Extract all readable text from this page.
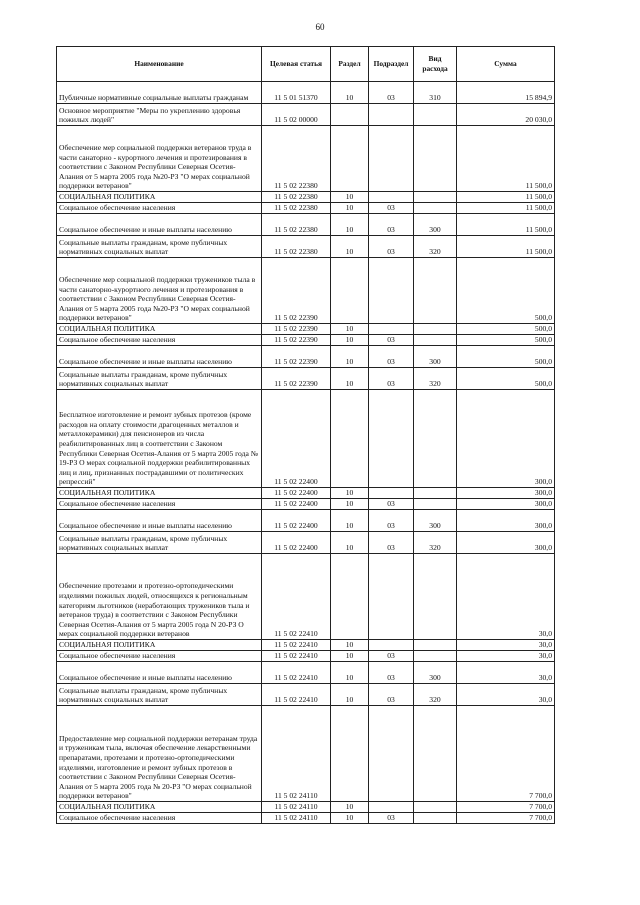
60
Наименование	Целевая статья	Раздел	Подраздел	Вид расхода	Сумма
Публичные нормативные социальные выплаты гражданам	11 5 01 51370	10	03	310	15 894,9
Основное мероприятие "Меры по укреплению здоровья пожилых людей"	11 5 02 00000				20 030,0
Обеспечение мер социальной поддержки ветеранов труда в части санаторно - курортного лечения и протезирования в соответствии с Законом Республики Северная Осетия-Алания от 5 марта 2005 года №20-РЗ "О мерах социальной поддержки ветеранов"	11 5 02 22380				11 500,0
СОЦИАЛЬНАЯ ПОЛИТИКА	11 5 02 22380	10			11 500,0
Социальное обеспечение населения	11 5 02 22380	10	03		11 500,0
Социальное обеспечение и иные выплаты населению	11 5 02 22380	10	03	300	11 500,0
Социальные выплаты гражданам, кроме публичных нормативных социальных выплат	11 5 02 22380	10	03	320	11 500,0
Обеспечение мер социальной поддержки тружеников тыла в части санаторно-курортного лечения и протезирования в соответствии с Законом Республики Северная Осетия-Алания от 5 марта 2005 года №20-РЗ "О мерах социальной поддержки ветеранов"	11 5 02 22390				500,0
СОЦИАЛЬНАЯ ПОЛИТИКА	11 5 02 22390	10			500,0
Социальное обеспечение населения	11 5 02 22390	10	03		500,0
Социальное обеспечение и иные выплаты населению	11 5 02 22390	10	03	300	500,0
Социальные выплаты гражданам, кроме публичных нормативных социальных выплат	11 5 02 22390	10	03	320	500,0
Бесплатное изготовление и ремонт зубных протезов (кроме расходов на оплату стоимости драгоценных металлов и металлокерамики) для пенсионеров из числа реабилитированных лиц в соответствии с Законом Республики Северная Осетия-Алания от 5 марта 2005 года № 19-РЗ О мерах социальной поддержки реабилитированных лиц и лиц, признанных пострадавшими от политических репрессий"	11 5 02 22400				300,0
СОЦИАЛЬНАЯ ПОЛИТИКА	11 5 02 22400	10			300,0
Социальное обеспечение населения	11 5 02 22400	10	03		300,0
Социальное обеспечение и иные выплаты населению	11 5 02 22400	10	03	300	300,0
Социальные выплаты гражданам, кроме публичных нормативных социальных выплат	11 5 02 22400	10	03	320	300,0
Обеспечение протезами и протезно-ортопедическими изделиями пожилых людей, относящихся к региональным категориям льготников (неработающих тружеников тыла и ветеранов труда) в соответствии с Законом Республики Северная Осетия-Алания от 5 марта 2005 года N 20-РЗ О мерах социальной поддержки ветеранов	11 5 02 22410				30,0
СОЦИАЛЬНАЯ ПОЛИТИКА	11 5 02 22410	10			30,0
Социальное обеспечение населения	11 5 02 22410	10	03		30,0
Социальное обеспечение и иные выплаты населению	11 5 02 22410	10	03	300	30,0
Социальные выплаты гражданам, кроме публичных нормативных социальных выплат	11 5 02 22410	10	03	320	30,0
Предоставление мер социальной поддержки ветеранам труда и труженикам тыла, включая обеспечение лекарственными препаратами, протезами и протезно-ортопедическими изделиями, изготовление и ремонт зубных протезов в соответствии с Законом Республики Северная Осетия-Алания от 5 марта 2005 года № 20-РЗ "О мерах социальной поддержки ветеранов"	11 5 02 24110				7 700,0
СОЦИАЛЬНАЯ ПОЛИТИКА	11 5 02 24110	10			7 700,0
Социальное обеспечение населения	11 5 02 24110	10	03		7 700,0
